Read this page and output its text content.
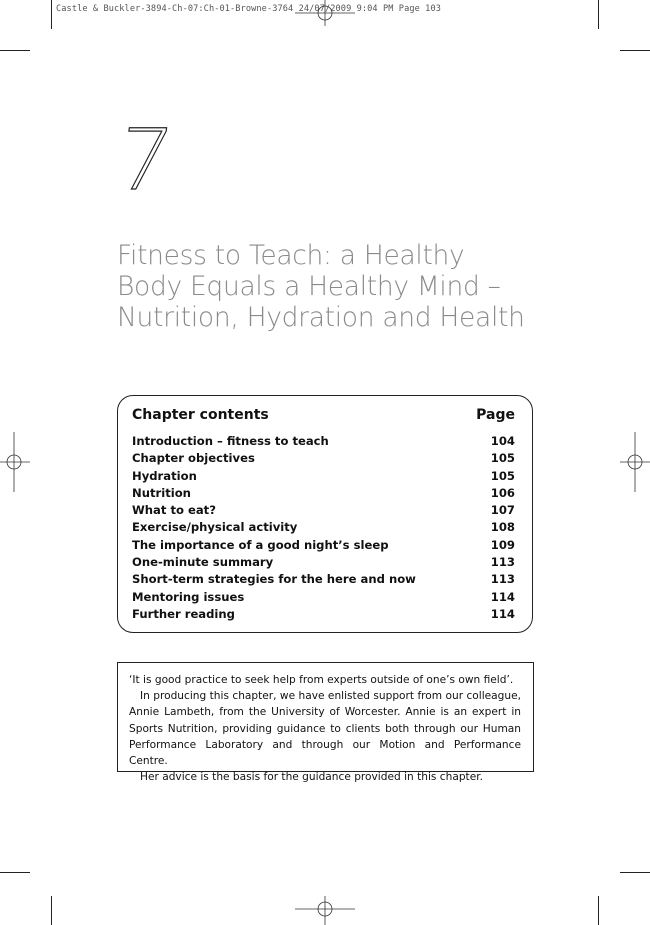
Castle & Buckler-3894-Ch-07:Ch-01-Browne-3764 24/07/2009 9:04 PM Page 103
7
Fitness to Teach: a Healthy
Body Equals a Healthy Mind –
Nutrition, Hydration and Health
Chapter contents	Page
Introduction – fitness to teach	104
Chapter objectives	105
Hydration	105
Nutrition	106
What to eat?	107
Exercise/physical activity	108
The importance of a good night’s sleep	109
One-minute summary	113
Short-term strategies for the here and now	113
Mentoring issues	114
Further reading	114

‘It is good practice to seek help from experts outside of one’s own field’.

In producing this chapter, we have enlisted support from our colleague, Annie Lambeth, from the University of Worcester. Annie is an expert in Sports Nutrition, providing guidance to clients both through our Human Performance Laboratory and through our Motion and Performance Centre.

Her advice is the basis for the guidance provided in this chapter.
